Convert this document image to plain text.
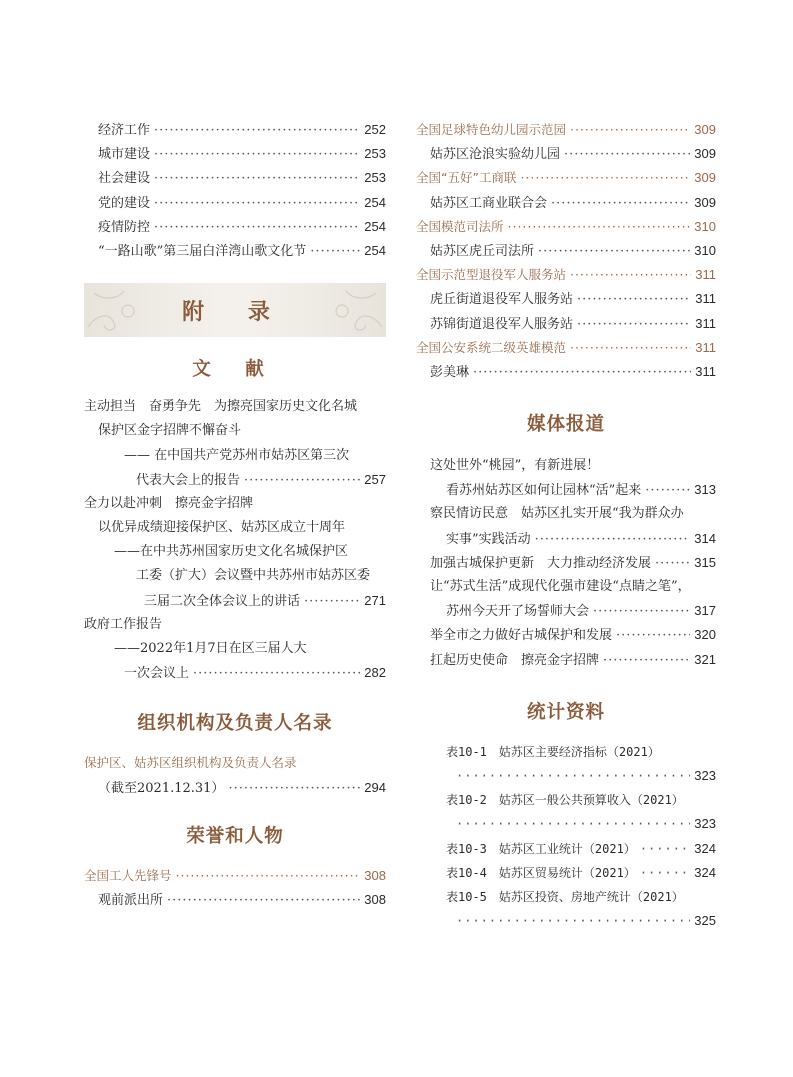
经济工作 ·····	252
城市建设 ·····	253
社会建设 ·····	253
党的建设 ·····	254
疫情防控 ·····	254
“一路山歌”第三届白洋湾山歌文化节 ·····	254
附 录
文 献
主动担当　奋勇争先　为擦亮国家历史文化名城
保护区金字招牌不懈奋斗
—— 在中国共产党苏州市姑苏区第三次
代表大会上的报告 ·····	257
全力以赴冲刺　擦亮金字招牌
以优异成绩迎接保护区、姑苏区成立十周年
——在中共苏州国家历史文化名城保护区
工委（扩大）会议暨中共苏州市姑苏区委
三届二次全体会议上的讲话 ·····	271
政府工作报告
——2022年1月7日在区三届人大
一次会议上 ·····	282
组织机构及负责人名录
保护区、姑苏区组织机构及负责人名录
（截至2021.12.31） ·····	294
荣誉和人物
全国工人先锋号 ·····	308
观前派出所 ·····	308
全国足球特色幼儿园示范园 ·····	309
姑苏区沧浪实验幼儿园 ·····	309
全国“五好”工商联 ·····	309
姑苏区工商业联合会 ·····	309
全国模范司法所 ·····	310
姑苏区虎丘司法所 ·····	310
全国示范型退役军人服务站 ·····	311
虎丘街道退役军人服务站 ·····	311
苏锦街道退役军人服务站 ·····	311
全国公安系统二级英雄模范 ·····	311
彭美琳 ·····	311
媒体报道
这处世外“桃园”，有新进展！
看苏州姑苏区如何让园林“活”起来 ·····	313
察民情访民意　姑苏区扎实开展“我为群众办
实事”实践活动 ·····	314
加强古城保护更新　大力推动经济发展 ·····	315
让“苏式生活”成现代化强市建设“点睛之笔”，
苏州今天开了场誓师大会 ·····	317
举全市之力做好古城保护和发展 ·····	320
扛起历史使命　擦亮金字招牌 ·····	321
统计资料
表10-1　姑苏区主要经济指标（2021）
·····
323
表10-2　姑苏区一般公共预算收入（2021）
·····
323
表10-3　姑苏区工业统计（2021） ·····	324
表10-4　姑苏区贸易统计（2021） ·····	324
表10-5　姑苏区投资、房地产统计（2021）
·····
325
